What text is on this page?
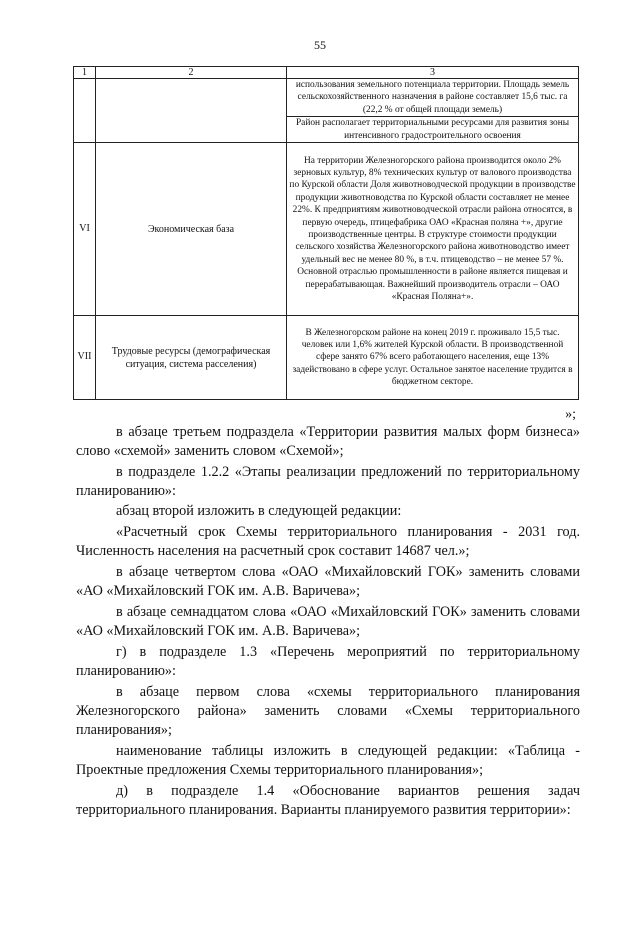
55
1	2	3
		использования земельного потенциала территории. Площадь земель сельскохозяйственного назначения в районе составляет 15,6 тыс. га (22,2 % от общей площади земель)
		Район располагает территориальными ресурсами для развития зоны интенсивного градостроительного освоения
VI	Экономическая база	На территории Железногорского района производится около 2% зерновых культур, 8% технических культур от валового производства по Курской области Доля животноводческой продукции в производстве продукции животноводства по Курской области составляет не менее 22%. К предприятиям животноводческой отрасли района относятся, в первую очередь, птицефабрика ОАО «Красная поляна +», другие производственные центры. В структуре стоимости продукции сельского хозяйства Железногорского района животноводство имеет удельный вес не менее 80 %, в т.ч. птицеводство – не менее 57 %. Основной отраслью промышленности в районе является пищевая и перерабатывающая. Важнейший производитель отрасли – ОАО «Красная Поляна+».
VII	Трудовые ресурсы (демографическая ситуация, система расселения)	В Железногорском районе на конец 2019 г. проживало 15,5 тыс. человек или 1,6% жителей Курской области. В производственной сфере занято 67% всего работающего населения, еще 13% задействовано в сфере услуг. Остальное занятое население трудится в бюджетном секторе.
»;

в абзаце третьем подраздела «Территории развития малых форм бизнеса» слово «схемой» заменить словом «Схемой»;

в подразделе 1.2.2 «Этапы реализации предложений по территориальному планированию»:

абзац второй изложить в следующей редакции:

«Расчетный срок Схемы территориального планирования - 2031 год. Численность населения на расчетный срок составит 14687 чел.»;

в абзаце четвертом слова «ОАО «Михайловский ГОК» заменить словами «АО «Михайловский ГОК им. А.В. Варичева»;

в абзаце семнадцатом слова «ОАО «Михайловский ГОК» заменить словами «АО «Михайловский ГОК им. А.В. Варичева»;

г) в подразделе 1.3 «Перечень мероприятий по территориальному планированию»:

в абзаце первом слова «схемы территориального планирования Железногорского района» заменить словами «Схемы территориального планирования»;

наименование таблицы изложить в следующей редакции: «Таблица - Проектные предложения Схемы территориального планирования»;

д) в подразделе 1.4 «Обоснование вариантов решения задач территориального планирования. Варианты планируемого развития территории»:
